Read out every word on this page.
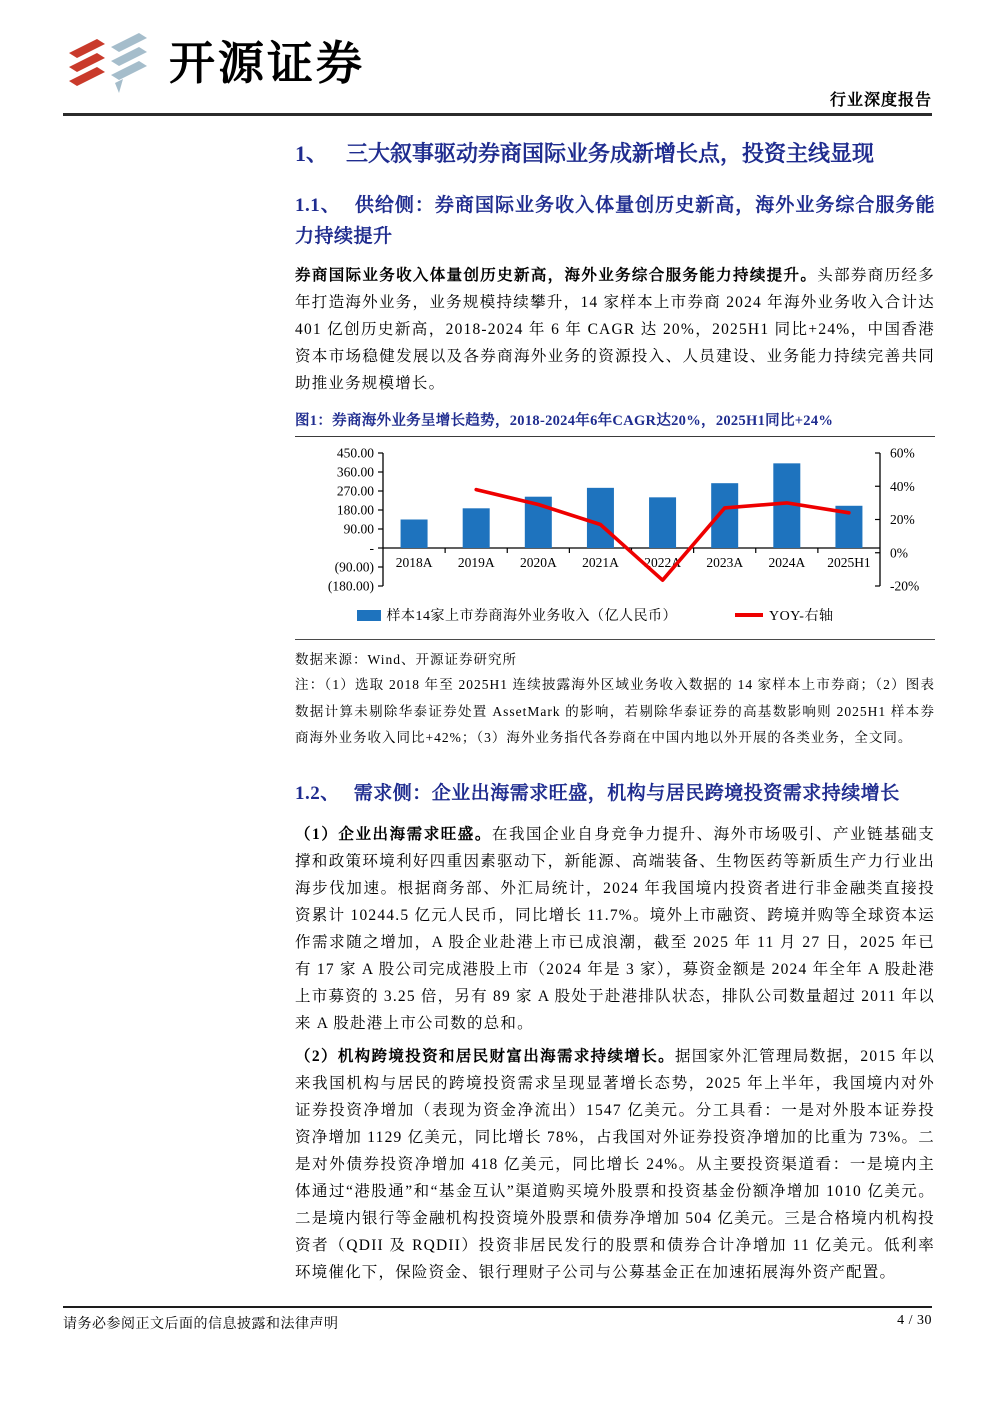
开源证券
行业深度报告
1、 三大叙事驱动券商国际业务成新增长点，投资主线显现
1.1、 供给侧：券商国际业务收入体量创历史新高，海外业务综合服务能力持续提升

券商国际业务收入体量创历史新高，海外业务综合服务能力持续提升。头部券商历经多年打造海外业务，业务规模持续攀升，14 家样本上市券商 2024 年海外业务收入合计达 401 亿创历史新高，2018-2024 年 6 年 CAGR 达 20%，2025H1 同比+24%，中国香港资本市场稳健发展以及各券商海外业务的资源投入、人员建设、业务能力持续完善共同助推业务规模增长。

图1：券商海外业务呈增长趋势，2018-2024年6年CAGR达20%，2025H1同比+24%
450.00
360.00
270.00
180.00
90.00
-
(90.00)
(180.00)
60%
40%
20%
0%
-20%
2018A 2019A 2020A 2021A 2022A 2023A 2024A 2025H1
样本14家上市券商海外业务收入（亿人民币）	YOY-右轴
数据来源：Wind、开源证券研究所
注：（1）选取 2018 年至 2025H1 连续披露海外区域业务收入数据的 14 家样本上市券商；（2）图表数据计算未剔除华泰证券处置 AssetMark 的影响，若剔除华泰证券的高基数影响则 2025H1 样本券商海外业务收入同比+42%；（3）海外业务指代各券商在中国内地以外开展的各类业务，全文同。
1.2、 需求侧：企业出海需求旺盛，机构与居民跨境投资需求持续增长

（1）企业出海需求旺盛。在我国企业自身竞争力提升、海外市场吸引、产业链基础支撑和政策环境利好四重因素驱动下，新能源、高端装备、生物医药等新质生产力行业出海步伐加速。根据商务部、外汇局统计，2024 年我国境内投资者进行非金融类直接投资累计 10244.5 亿元人民币，同比增长 11.7%。境外上市融资、跨境并购等全球资本运作需求随之增加，A 股企业赴港上市已成浪潮，截至 2025 年 11 月 27 日，2025 年已有 17 家 A 股公司完成港股上市（2024 年是 3 家），募资金额是 2024 年全年 A 股赴港上市募资的 3.25 倍，另有 89 家 A 股处于赴港排队状态，排队公司数量超过 2011 年以来 A 股赴港上市公司数的总和。

（2）机构跨境投资和居民财富出海需求持续增长。据国家外汇管理局数据，2015 年以来我国机构与居民的跨境投资需求呈现显著增长态势，2025 年上半年，我国境内对外证券投资净增加（表现为资金净流出）1547 亿美元。分工具看：一是对外股本证券投资净增加 1129 亿美元，同比增长 78%，占我国对外证券投资净增加的比重为 73%。二是对外债券投资净增加 418 亿美元，同比增长 24%。从主要投资渠道看：一是境内主体通过“港股通”和“基金互认”渠道购买境外股票和投资基金份额净增加 1010 亿美元。二是境内银行等金融机构投资境外股票和债券净增加 504 亿美元。三是合格境内机构投资者（QDII 及 RQDII）投资非居民发行的股票和债券合计净增加 11 亿美元。低利率环境催化下，保险资金、银行理财子公司与公募基金正在加速拓展海外资产配置。

请务必参阅正文后面的信息披露和法律声明	4 / 30
